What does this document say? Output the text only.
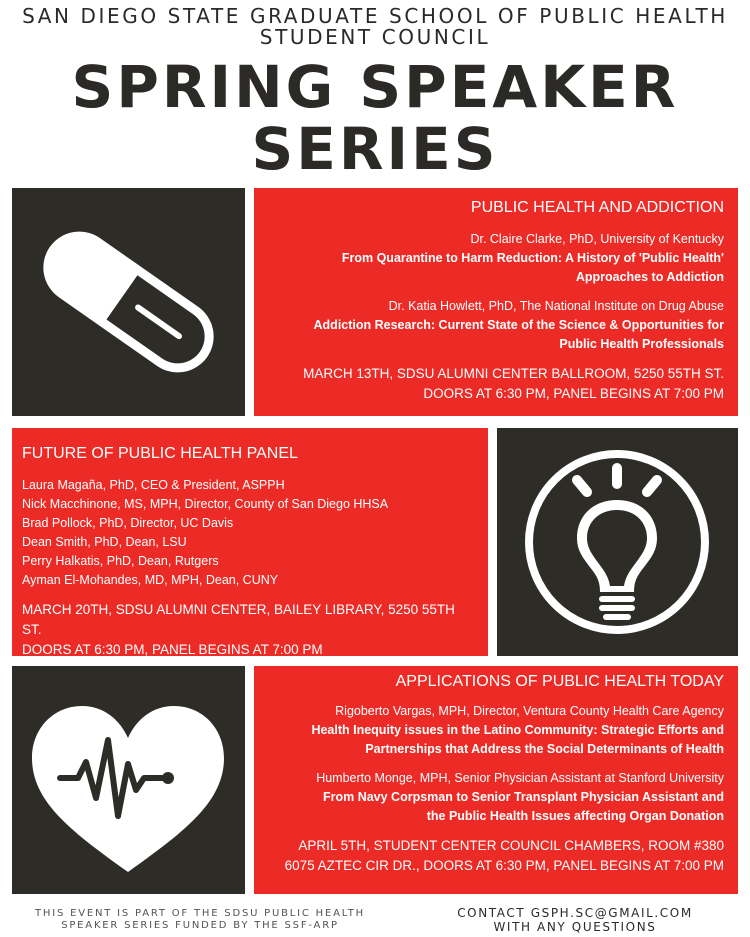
SAN DIEGO STATE GRADUATE SCHOOL OF PUBLIC HEALTH
STUDENT COUNCIL
SPRING SPEAKER
SERIES
PUBLIC HEALTH AND ADDICTION
Dr. Claire Clarke, PhD, University of Kentucky
From Quarantine to Harm Reduction: A History of 'Public Health'
Approaches to Addiction
Dr. Katia Howlett, PhD, The National Institute on Drug Abuse
Addiction Research: Current State of the Science & Opportunities for
Public Health Professionals
MARCH 13TH, SDSU ALUMNI CENTER BALLROOM, 5250 55TH ST.
DOORS AT 6:30 PM, PANEL BEGINS AT 7:00 PM
FUTURE OF PUBLIC HEALTH PANEL
Laura Magaña, PhD, CEO & President, ASPPH
Nick Macchinone, MS, MPH, Director, County of San Diego HHSA
Brad Pollock, PhD, Director, UC Davis
Dean Smith, PhD, Dean, LSU
Perry Halkatis, PhD, Dean, Rutgers
Ayman El-Mohandes, MD, MPH, Dean, CUNY
MARCH 20TH, SDSU ALUMNI CENTER, BAILEY LIBRARY, 5250 55TH ST.
DOORS AT 6:30 PM, PANEL BEGINS AT 7:00 PM
APPLICATIONS OF PUBLIC HEALTH TODAY
Rigoberto Vargas, MPH, Director, Ventura County Health Care Agency
Health Inequity issues in the Latino Community: Strategic Efforts and
Partnerships that Address the Social Determinants of Health
Humberto Monge, MPH, Senior Physician Assistant at Stanford University
From Navy Corpsman to Senior Transplant Physician Assistant and
the Public Health Issues affecting Organ Donation
APRIL 5TH, STUDENT CENTER COUNCIL CHAMBERS, ROOM #380
6075 AZTEC CIR DR., DOORS AT 6:30 PM, PANEL BEGINS AT 7:00 PM
THIS EVENT IS PART OF THE SDSU PUBLIC HEALTH
SPEAKER SERIES FUNDED BY THE SSF-ARP
CONTACT GSPH.SC@GMAIL.COM
WITH ANY QUESTIONS
